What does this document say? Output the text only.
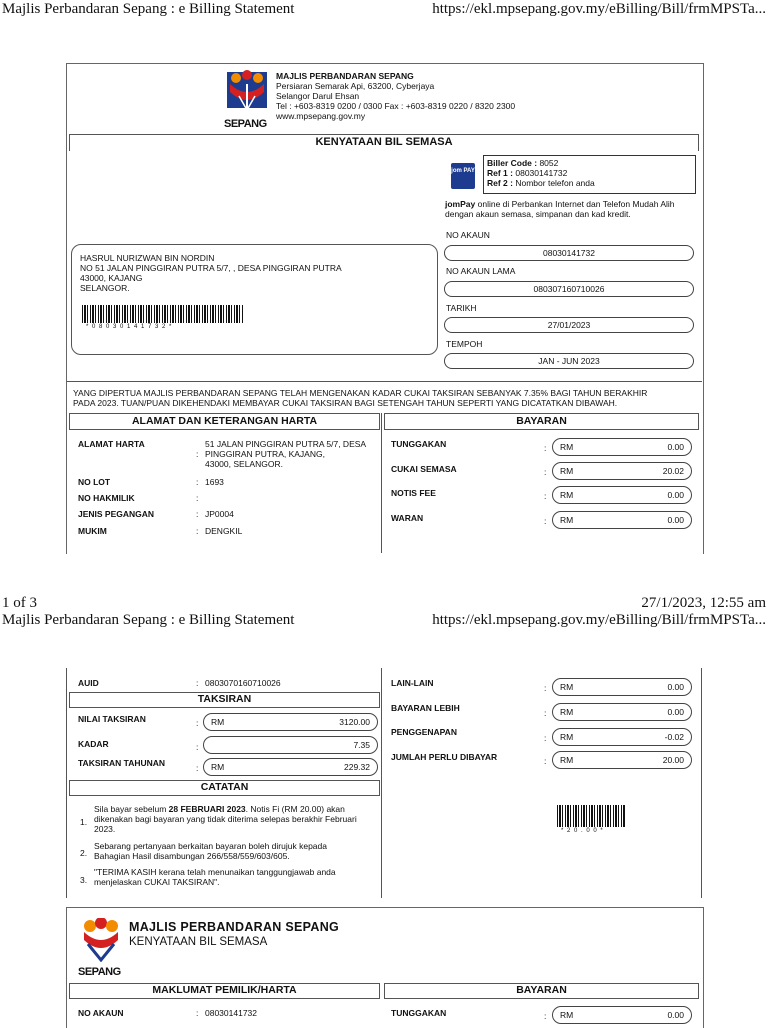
Majlis Perbandaran Sepang : e Billing Statement	https://ekl.mpsepang.gov.my/eBilling/Bill/frmMPSTa...
SEPANG
MAJLIS PERBANDARAN SEPANG
Persiaran Semarak Api, 63200, Cyberjaya
Selangor Darul Ehsan
Tel : +603-8319 0200 / 0300 Fax : +603-8319 0220 / 8320 2300
www.mpsepang.gov.my
KENYATAAN BIL SEMASA
jom PAY
Biller Code : 8052
Ref 1 : 08030141732
Ref 2 : Nombor telefon anda
jomPay online di Perbankan Internet dan Telefon Mudah Alih
dengan akaun semasa, simpanan dan kad kredit.
HASRUL NURIZWAN BIN NORDIN
NO 51 JALAN PINGGIRAN PUTRA 5/7, , DESA PINGGIRAN PUTRA
43000, KAJANG
SELANGOR.
* 0 8 0 3 0 1 4 1 7 3 2 *
NO AKAUN
08030141732
NO AKAUN LAMA
080307160710026
TARIKH
27/01/2023
TEMPOH
JAN - JUN 2023
YANG DIPERTUA MAJLIS PERBANDARAN SEPANG TELAH MENGENAKAN KADAR CUKAI TAKSIRAN SEBANYAK 7.35% BAGI TAHUN BERAKHIR
PADA 2023. TUAN/PUAN DIKEHENDAKI MEMBAYAR CUKAI TAKSIRAN BAGI SETENGAH TAHUN SEPERTI YANG DICATATKAN DIBAWAH.
ALAMAT DAN KETERANGAN HARTA	BAYARAN
ALAMAT HARTA
:
51 JALAN PINGGIRAN PUTRA 5/7, DESA
PINGGIRAN PUTRA, KAJANG,
43000, SELANGOR.
NO LOT	: 1693
NO HAKMILIK	:
JENIS PEGANGAN	: JP0004
MUKIM	: DENGKIL
TUNGGAKAN	: RM	0.00
CUKAI SEMASA	: RM	20.02
NOTIS FEE	: RM	0.00
WARAN	: RM	0.00
1 of 3	27/1/2023, 12:55 am
Majlis Perbandaran Sepang : e Billing Statement	https://ekl.mpsepang.gov.my/eBilling/Bill/frmMPSTa...
AUID	: 0803070160710026
TAKSIRAN
NILAI TAKSIRAN	: RM	3120.00
KADAR	:	7.35
TAKSIRAN TAHUNAN	: RM	229.32
CATATAN
1.
Sila bayar sebelum 28 FEBRUARI 2023. Notis Fi (RM 20.00) akan
dikenakan bagi bayaran yang tidak diterima selepas berakhir Februari
2023.
2.
Sebarang pertanyaan berkaitan bayaran boleh dirujuk kepada
Bahagian Hasil disambungan 266/558/559/603/605.
3.
"TERIMA KASIH kerana telah menunaikan tanggungjawab anda
menjelaskan CUKAI TAKSIRAN".
LAIN-LAIN	: RM	0.00
BAYARAN LEBIH	: RM	0.00
PENGGENAPAN
: RM	-0.02
JUMLAH PERLU DIBAYAR	: RM	20.00
* 2 0 . 0 0 *
SEPANG
MAJLIS PERBANDARAN SEPANG
KENYATAAN BIL SEMASA
MAKLUMAT PEMILIK/HARTA	BAYARAN
NO AKAUN	: 08030141732	TUNGGAKAN	: RM	0.00
